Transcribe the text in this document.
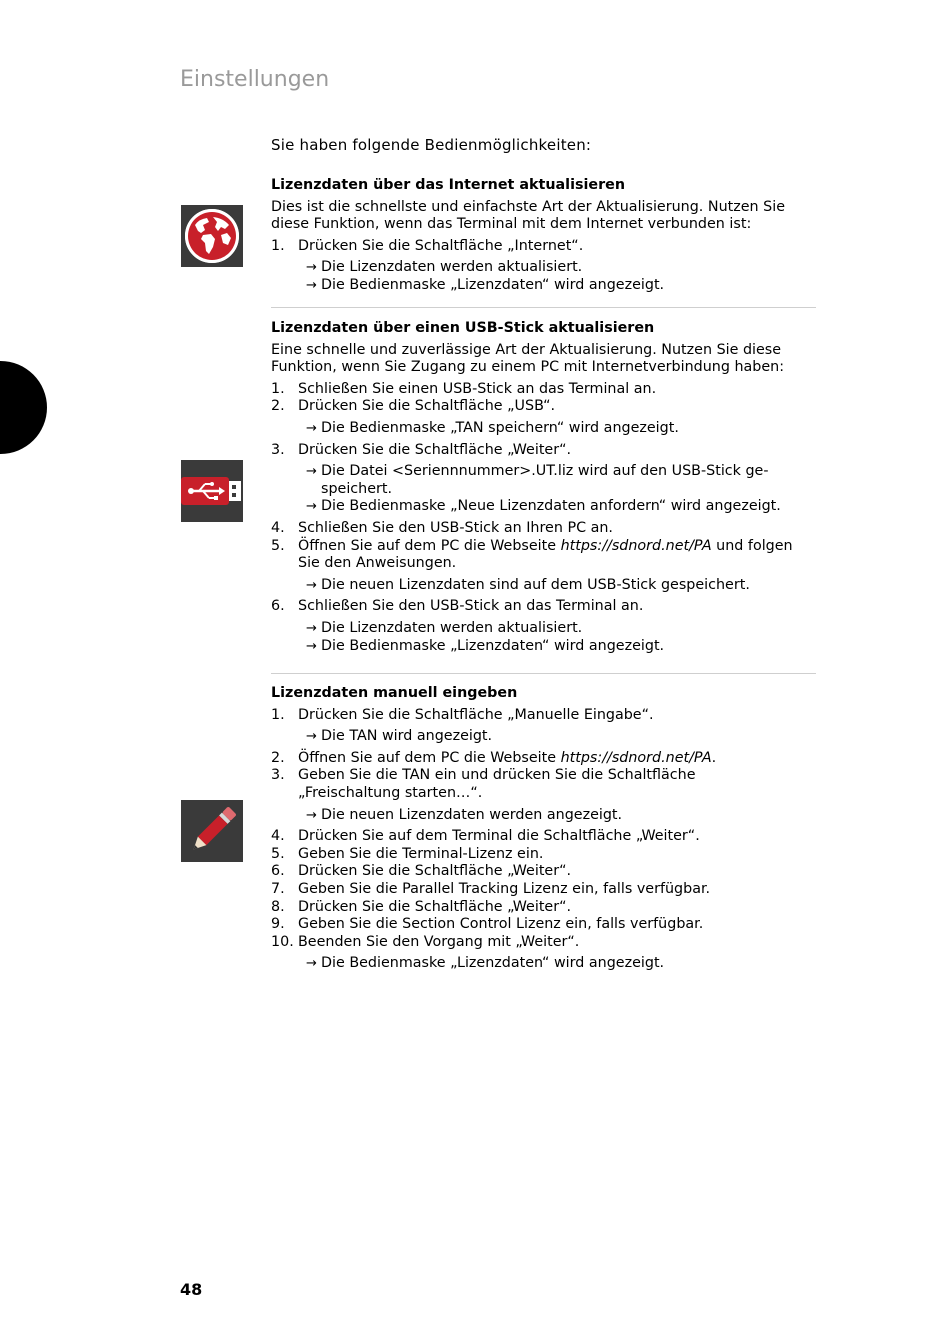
Einstellungen
Sie haben folgende Bedienmöglichkeiten:
Lizenzdaten über das Internet aktualisieren
Dies ist die schnellste und einfachste Art der Aktualisierung. Nutzen Sie
diese Funktion, wenn das Terminal mit dem Internet verbunden ist:
1. Drücken Sie die Schaltfläche „Internet“.
→ Die Lizenzdaten werden aktualisiert.
→ Die Bedienmaske „Lizenzdaten“ wird angezeigt.
Lizenzdaten über einen USB-Stick aktualisieren
Eine schnelle und zuverlässige Art der Aktualisierung. Nutzen Sie diese
Funktion, wenn Sie Zugang zu einem PC mit Internetverbindung haben:
1. Schließen Sie einen USB-Stick an das Terminal an.
2. Drücken Sie die Schaltfläche „USB“.
→ Die Bedienmaske „TAN speichern“ wird angezeigt.
3. Drücken Sie die Schaltfläche „Weiter“.
→ Die Datei <Seriennnummer>.UT.liz wird auf den USB-Stick ge-
speichert.
→ Die Bedienmaske „Neue Lizenzdaten anfordern“ wird angezeigt.
4. Schließen Sie den USB-Stick an Ihren PC an.
5. Öffnen Sie auf dem PC die Webseite https://sdnord.net/PA und folgen
Sie den Anweisungen.
→ Die neuen Lizenzdaten sind auf dem USB-Stick gespeichert.
6. Schließen Sie den USB-Stick an das Terminal an.
→ Die Lizenzdaten werden aktualisiert.
→ Die Bedienmaske „Lizenzdaten“ wird angezeigt.
Lizenzdaten manuell eingeben
1. Drücken Sie die Schaltfläche „Manuelle Eingabe“.
→ Die TAN wird angezeigt.
2. Öffnen Sie auf dem PC die Webseite https://sdnord.net/PA.
3. Geben Sie die TAN ein und drücken Sie die Schaltfläche
„Freischaltung starten…“.
→ Die neuen Lizenzdaten werden angezeigt.
4. Drücken Sie auf dem Terminal die Schaltfläche „Weiter“.
5. Geben Sie die Terminal-Lizenz ein.
6. Drücken Sie die Schaltfläche „Weiter“.
7. Geben Sie die Parallel Tracking Lizenz ein, falls verfügbar.
8. Drücken Sie die Schaltfläche „Weiter“.
9. Geben Sie die Section Control Lizenz ein, falls verfügbar.
10. Beenden Sie den Vorgang mit „Weiter“.
→ Die Bedienmaske „Lizenzdaten“ wird angezeigt.
48
